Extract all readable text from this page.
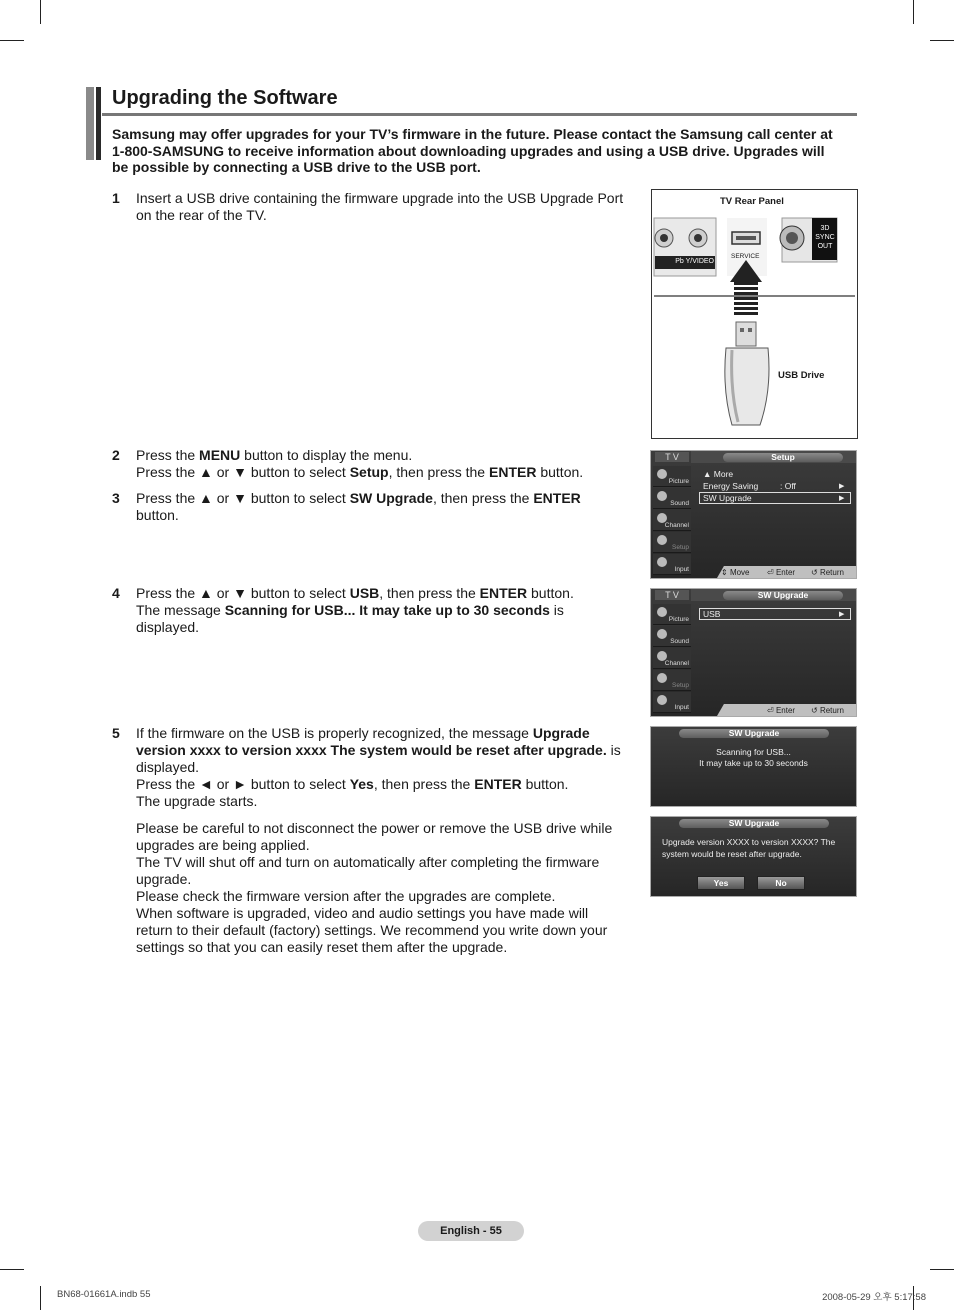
Upgrading the Software
Samsung may offer upgrades for your TV’s firmware in the future. Please contact the Samsung call center at 1-800-SAMSUNG to receive information about downloading upgrades and using a USB drive. Upgrades will be possible by connecting a USB drive to the USB port.
1 Insert a USB drive containing the firmware upgrade into the USB Upgrade Port on the rear of the TV.

2 Press the MENU button to display the menu.

Press the ▲ or ▼ button to select Setup, then press the ENTER button.

3 Press the ▲ or ▼ button to select SW Upgrade, then press the ENTER button.

4 Press the ▲ or ▼ button to select USB, then press the ENTER button.

The message Scanning for USB... It may take up to 30 seconds is displayed.

5 If the firmware on the USB is properly recognized, the message Upgrade version xxxx to version xxxx The system would be reset after upgrade. is displayed.

Press the ◄ or ► button to select Yes, then press the ENTER button.

The upgrade starts.

Please be careful to not disconnect the power or remove the USB drive while upgrades are being applied.

The TV will shut off and turn on automatically after completing the firmware upgrade.

Please check the firmware version after the upgrades are complete.

When software is upgraded, video and audio settings you have made will return to their default (factory) settings. We recommend you write down your settings so that you can easily reset them after the upgrade.

TV Rear Panel
Pb Y/VIDEO
SERVICE
3D SYNC OUT
USB Drive
T V	Setup
Picture
Sound
Channel
Setup
Input
▲ More
Energy Saving	: Off	▶
SW Upgrade	▶
⇕ Move ⏎ Enter ↺ Return
T V	SW Upgrade
Picture
Sound
Channel
Setup
Input
USB	▶
⏎ Enter ↺ Return
SW Upgrade
Scanning for USB...
It may take up to 30 seconds
SW Upgrade
Upgrade version XXXX to version XXXX? The
system would be reset after upgrade.
Yes	No
English - 55
BN68-01661A.indb 55	2008-05-29 오후 5:17:58
